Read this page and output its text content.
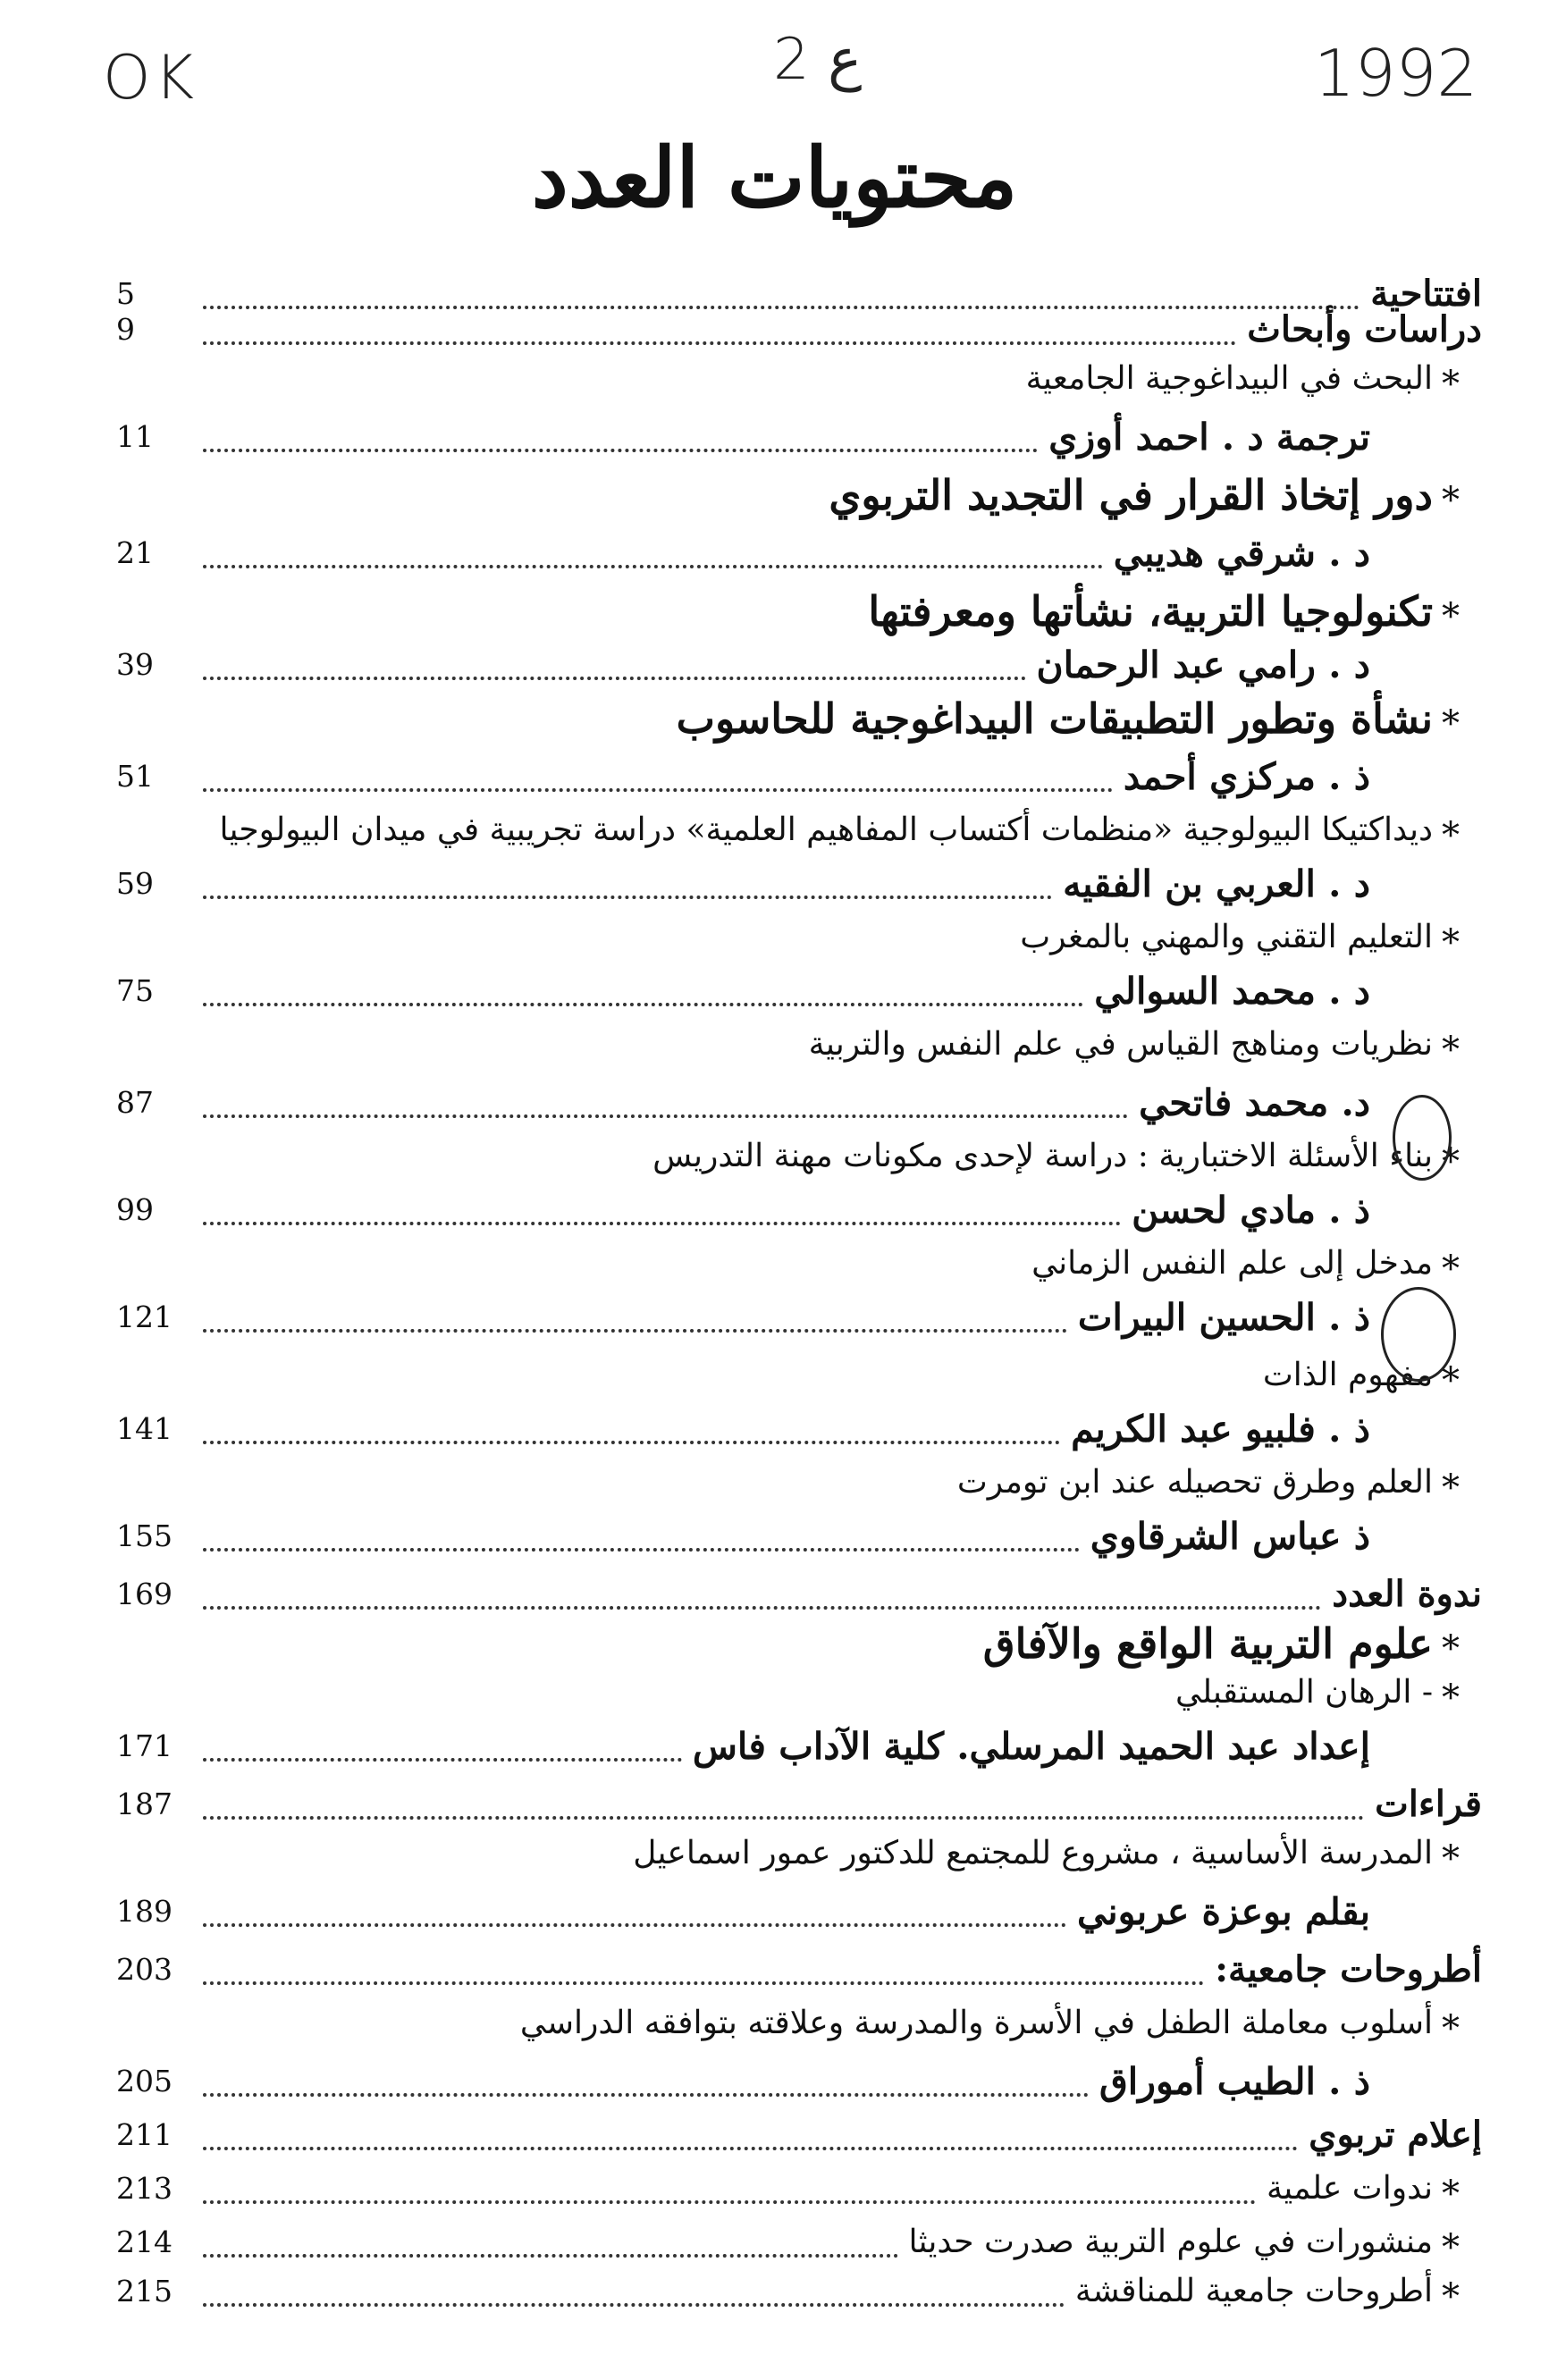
OK	2 ع	1992
محتويات العدد
افتتاحية
5
دراسات وأبحاث
9
*
البحث في البيداغوجية الجامعية
ترجمة د . احمد أوزي
11
*
دور إتخاذ القرار في التجديد التربوي
د . شرقي هديبي
21
*
تكنولوجيا التربية، نشأتها ومعرفتها
د . رامي عبد الرحمان
39
*
نشأة وتطور التطبيقات البيداغوجية للحاسوب
ذ . مركزي أحمد
51
*
ديداكتيكا البيولوجية «منظمات أكتساب المفاهيم العلمية» دراسة تجريبية في ميدان البيولوجيا
د . العربي بن الفقيه
59
*
التعليم التقني والمهني بالمغرب
د . محمد السوالي
75
*
نظريات ومناهج القياس في علم النفس والتربية
د. محمد فاتحي
87
*
بناء الأسئلة الاختبارية : دراسة لإحدى مكونات مهنة التدريس
ذ . مادي لحسن
99
*
مدخل إلى علم النفس الزماني
ذ . الحسين البيرات
121
*
مفهوم الذات
ذ . فلبيو عبد الكريم
141
*
العلم وطرق تحصيله عند ابن تومرت
ذ عباس الشرقاوي
155
ندوة العدد
169
*
علوم التربية الواقع والآفاق
*
- الرهان المستقبلي
إعداد عبد الحميد المرسلي. كلية الآداب فاس
171
قراءات
187
*
المدرسة الأساسية ، مشروع للمجتمع للدكتور عمور اسماعيل
بقلم بوعزة عربوني
189
أطروحات جامعية:
203
*
أسلوب معاملة الطفل في الأسرة والمدرسة وعلاقته بتوافقه الدراسي
ذ . الطيب أموراق
205
إعلام تربوي
211
*
ندوات علمية
213
*
منشورات في علوم التربية صدرت حديثا
214
*
أطروحات جامعية للمناقشة
215
